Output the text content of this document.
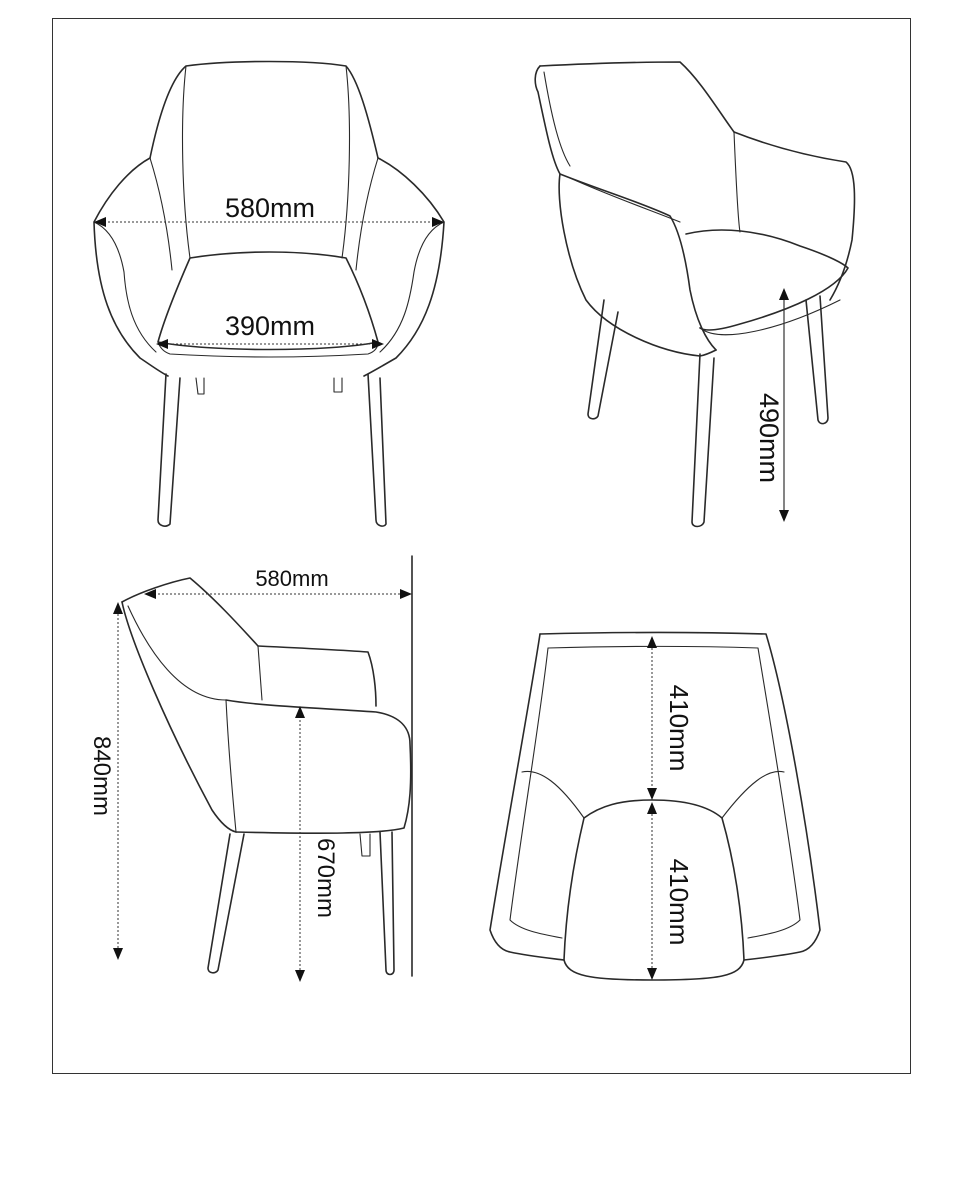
580mm
390mm
490mm
580mm
840mm
670mm
410mm
410mm
